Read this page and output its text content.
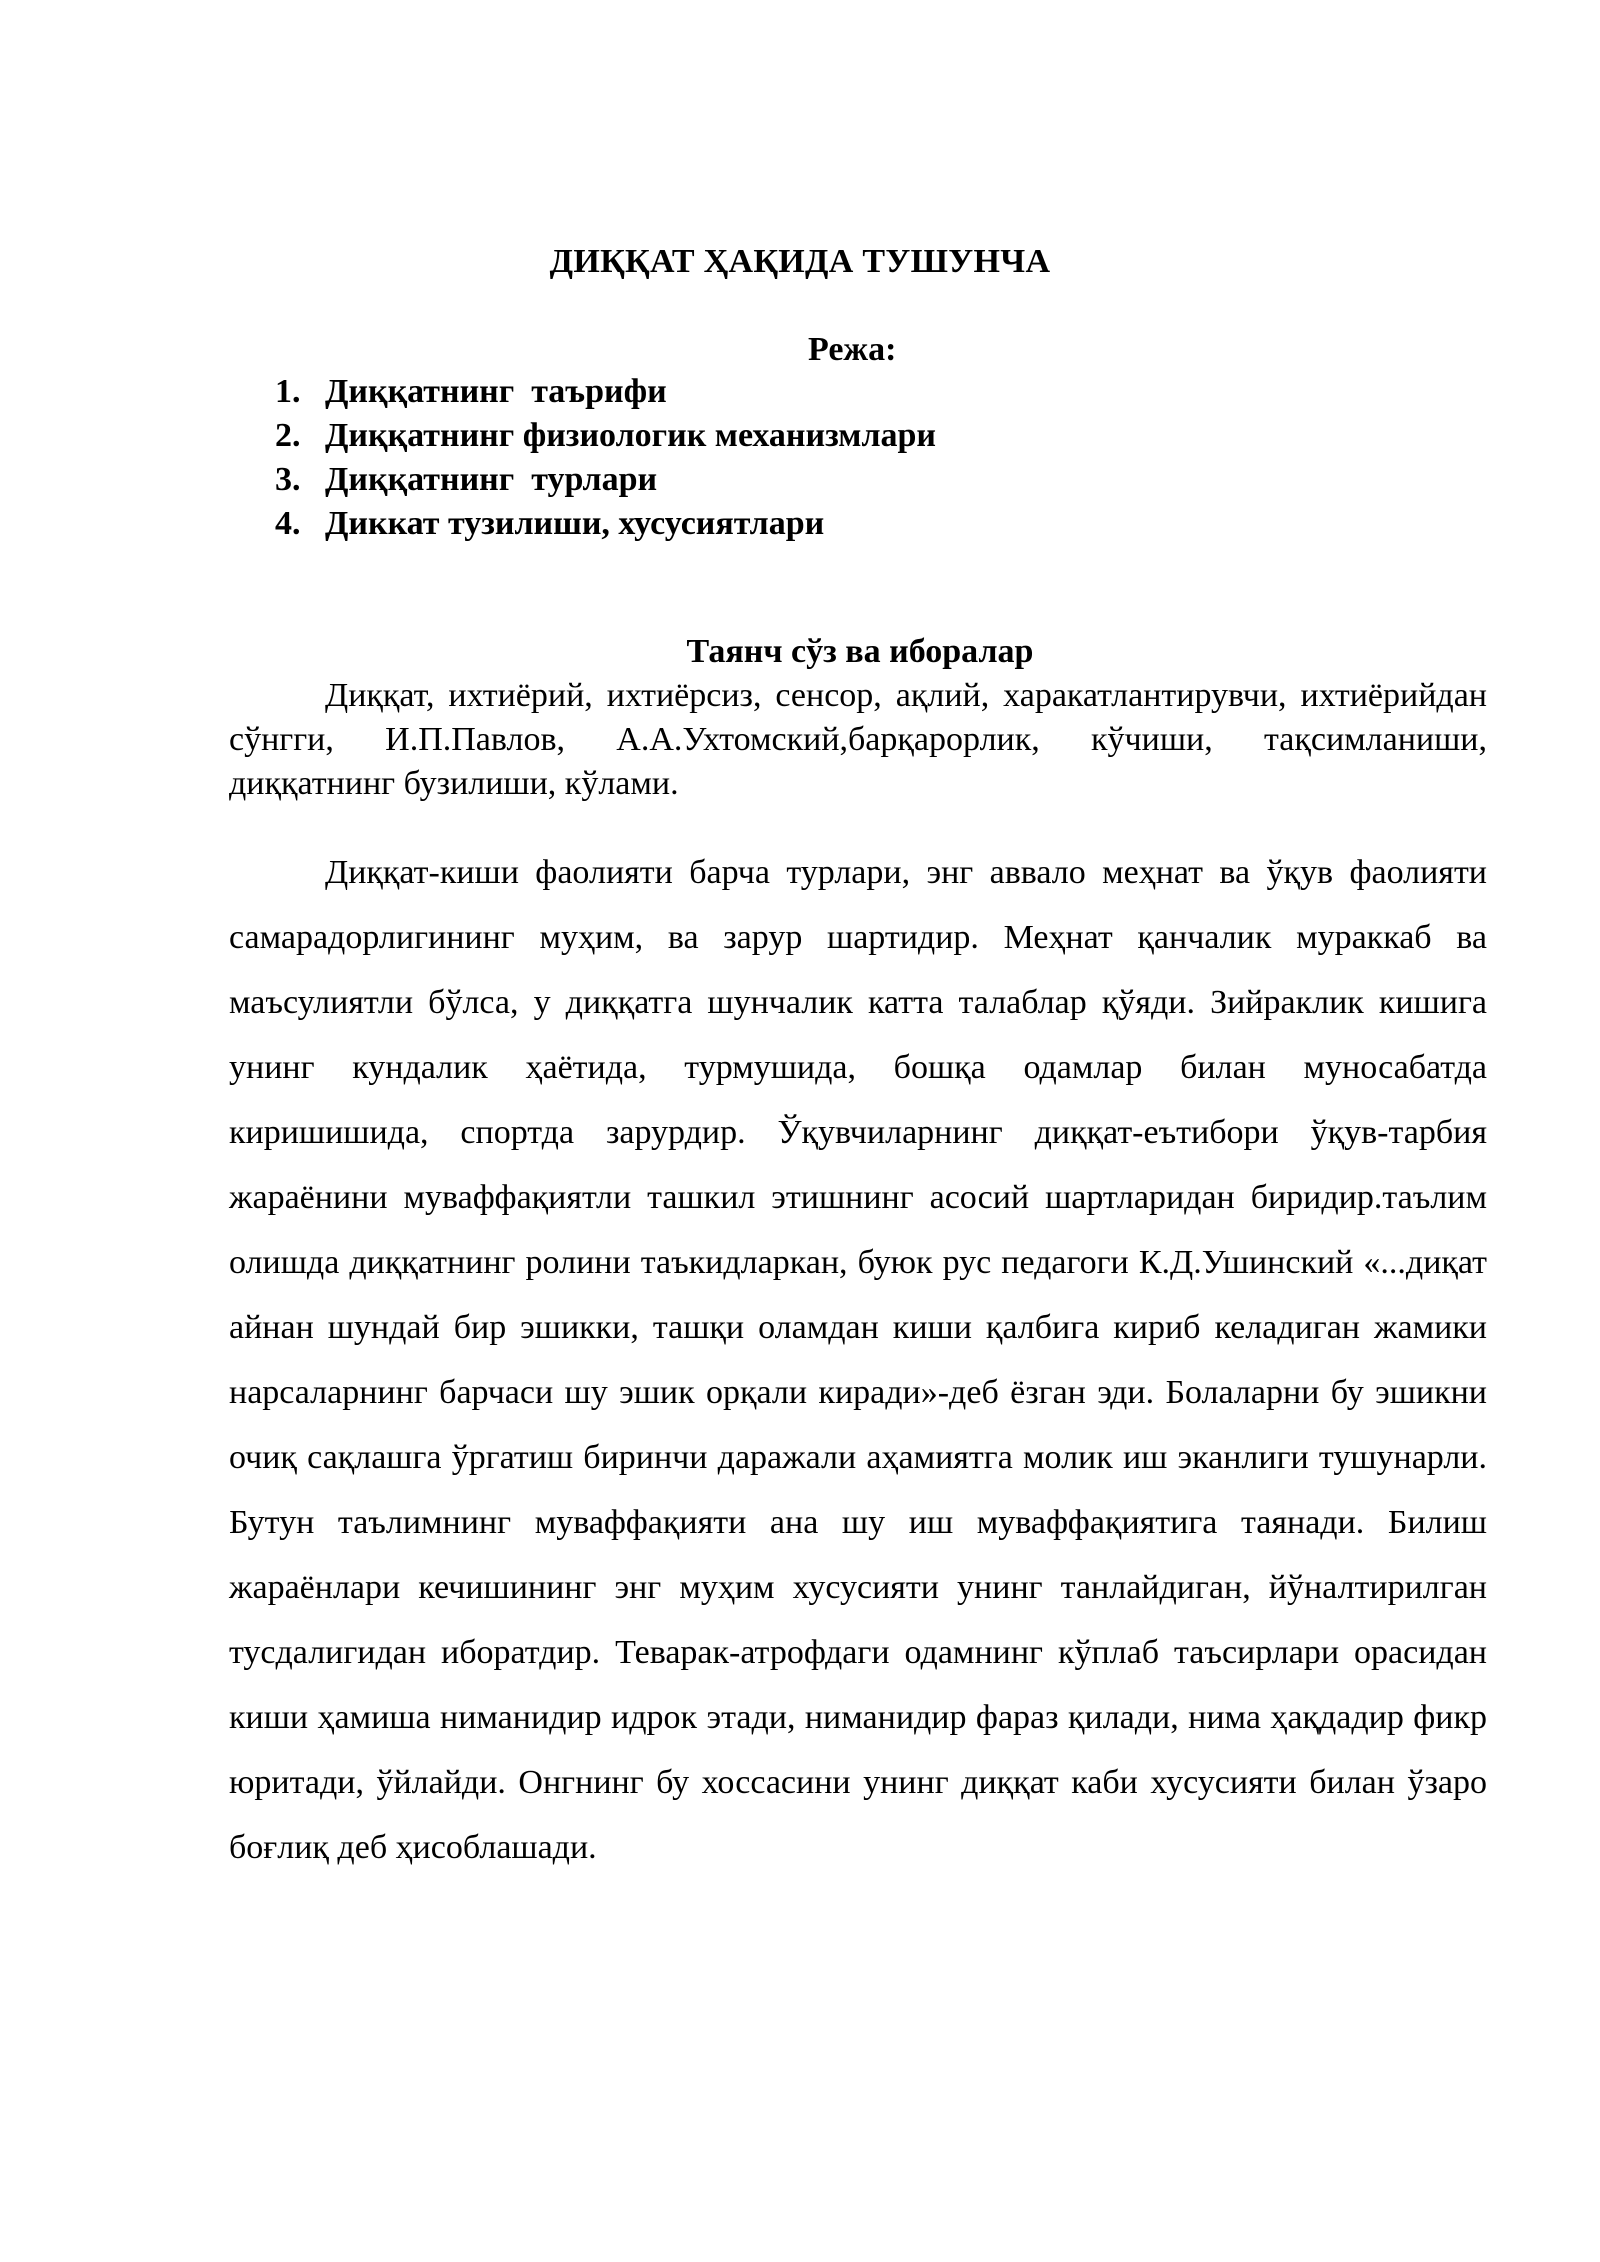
ДИҚҚАТ ҲАҚИДА ТУШУНЧА
Режа:
1. Диққатнинг  таърифи
2. Диққатнинг физиологик механизмлари
3. Диққатнинг  турлари
4. Диккат тузилиши, хусусиятлари
Таянч сўз ва иборалар

Диққат, ихтиёрий, ихтиёрсиз, сенсор, ақлий, харакатлантирувчи, ихтиёрийдан сўнгги, И.П.Павлов, А.А.Ухтомский,барқарорлик, кўчиши, тақсимланиши, диққатнинг бузилиши, кўлами.

Диққат-киши фаолияти барча турлари, энг аввало меҳнат ва ўқув фаолияти самарадорлигининг муҳим, ва зарур шартидир. Меҳнат қанчалик мураккаб ва маъсулиятли бўлса, у диққатга шунчалик катта талаблар қўяди. Зийраклик кишига унинг кундалик ҳаётида, турмушида, бошқа одамлар билан муносабатда киришишида, спортда зарурдир. Ўқувчиларнинг диққат-еътибори ўқув-тарбия жараёнини муваффақиятли ташкил этишнинг асосий шартларидан биридир.таълим олишда диққатнинг ролини таъкидларкан, буюк рус педагоги К.Д.Ушинский «...диқат айнан шундай бир эшикки, ташқи оламдан киши қалбига кириб келадиган жамики нарсаларнинг барчаси шу эшик орқали киради»-деб ёзган эди. Болаларни бу эшикни очиқ сақлашга ўргатиш биринчи даражали аҳамиятга молик иш эканлиги тушунарли. Бутун таълимнинг муваффақияти ана шу иш муваффақиятига таянади. Билиш жараёнлари кечишининг энг муҳим хусусияти унинг танлайдиган, йўналтирилган тусдалигидан иборатдир. Теварак-атрофдаги одамнинг кўплаб таъсирлари орасидан киши ҳамиша ниманидир идрок этади, ниманидир фараз қилади, нима ҳақдадир фикр юритади, ўйлайди. Онгнинг бу хоссасини унинг диққат каби хусусияти билан ўзаро боғлиқ деб ҳисоблашади.
